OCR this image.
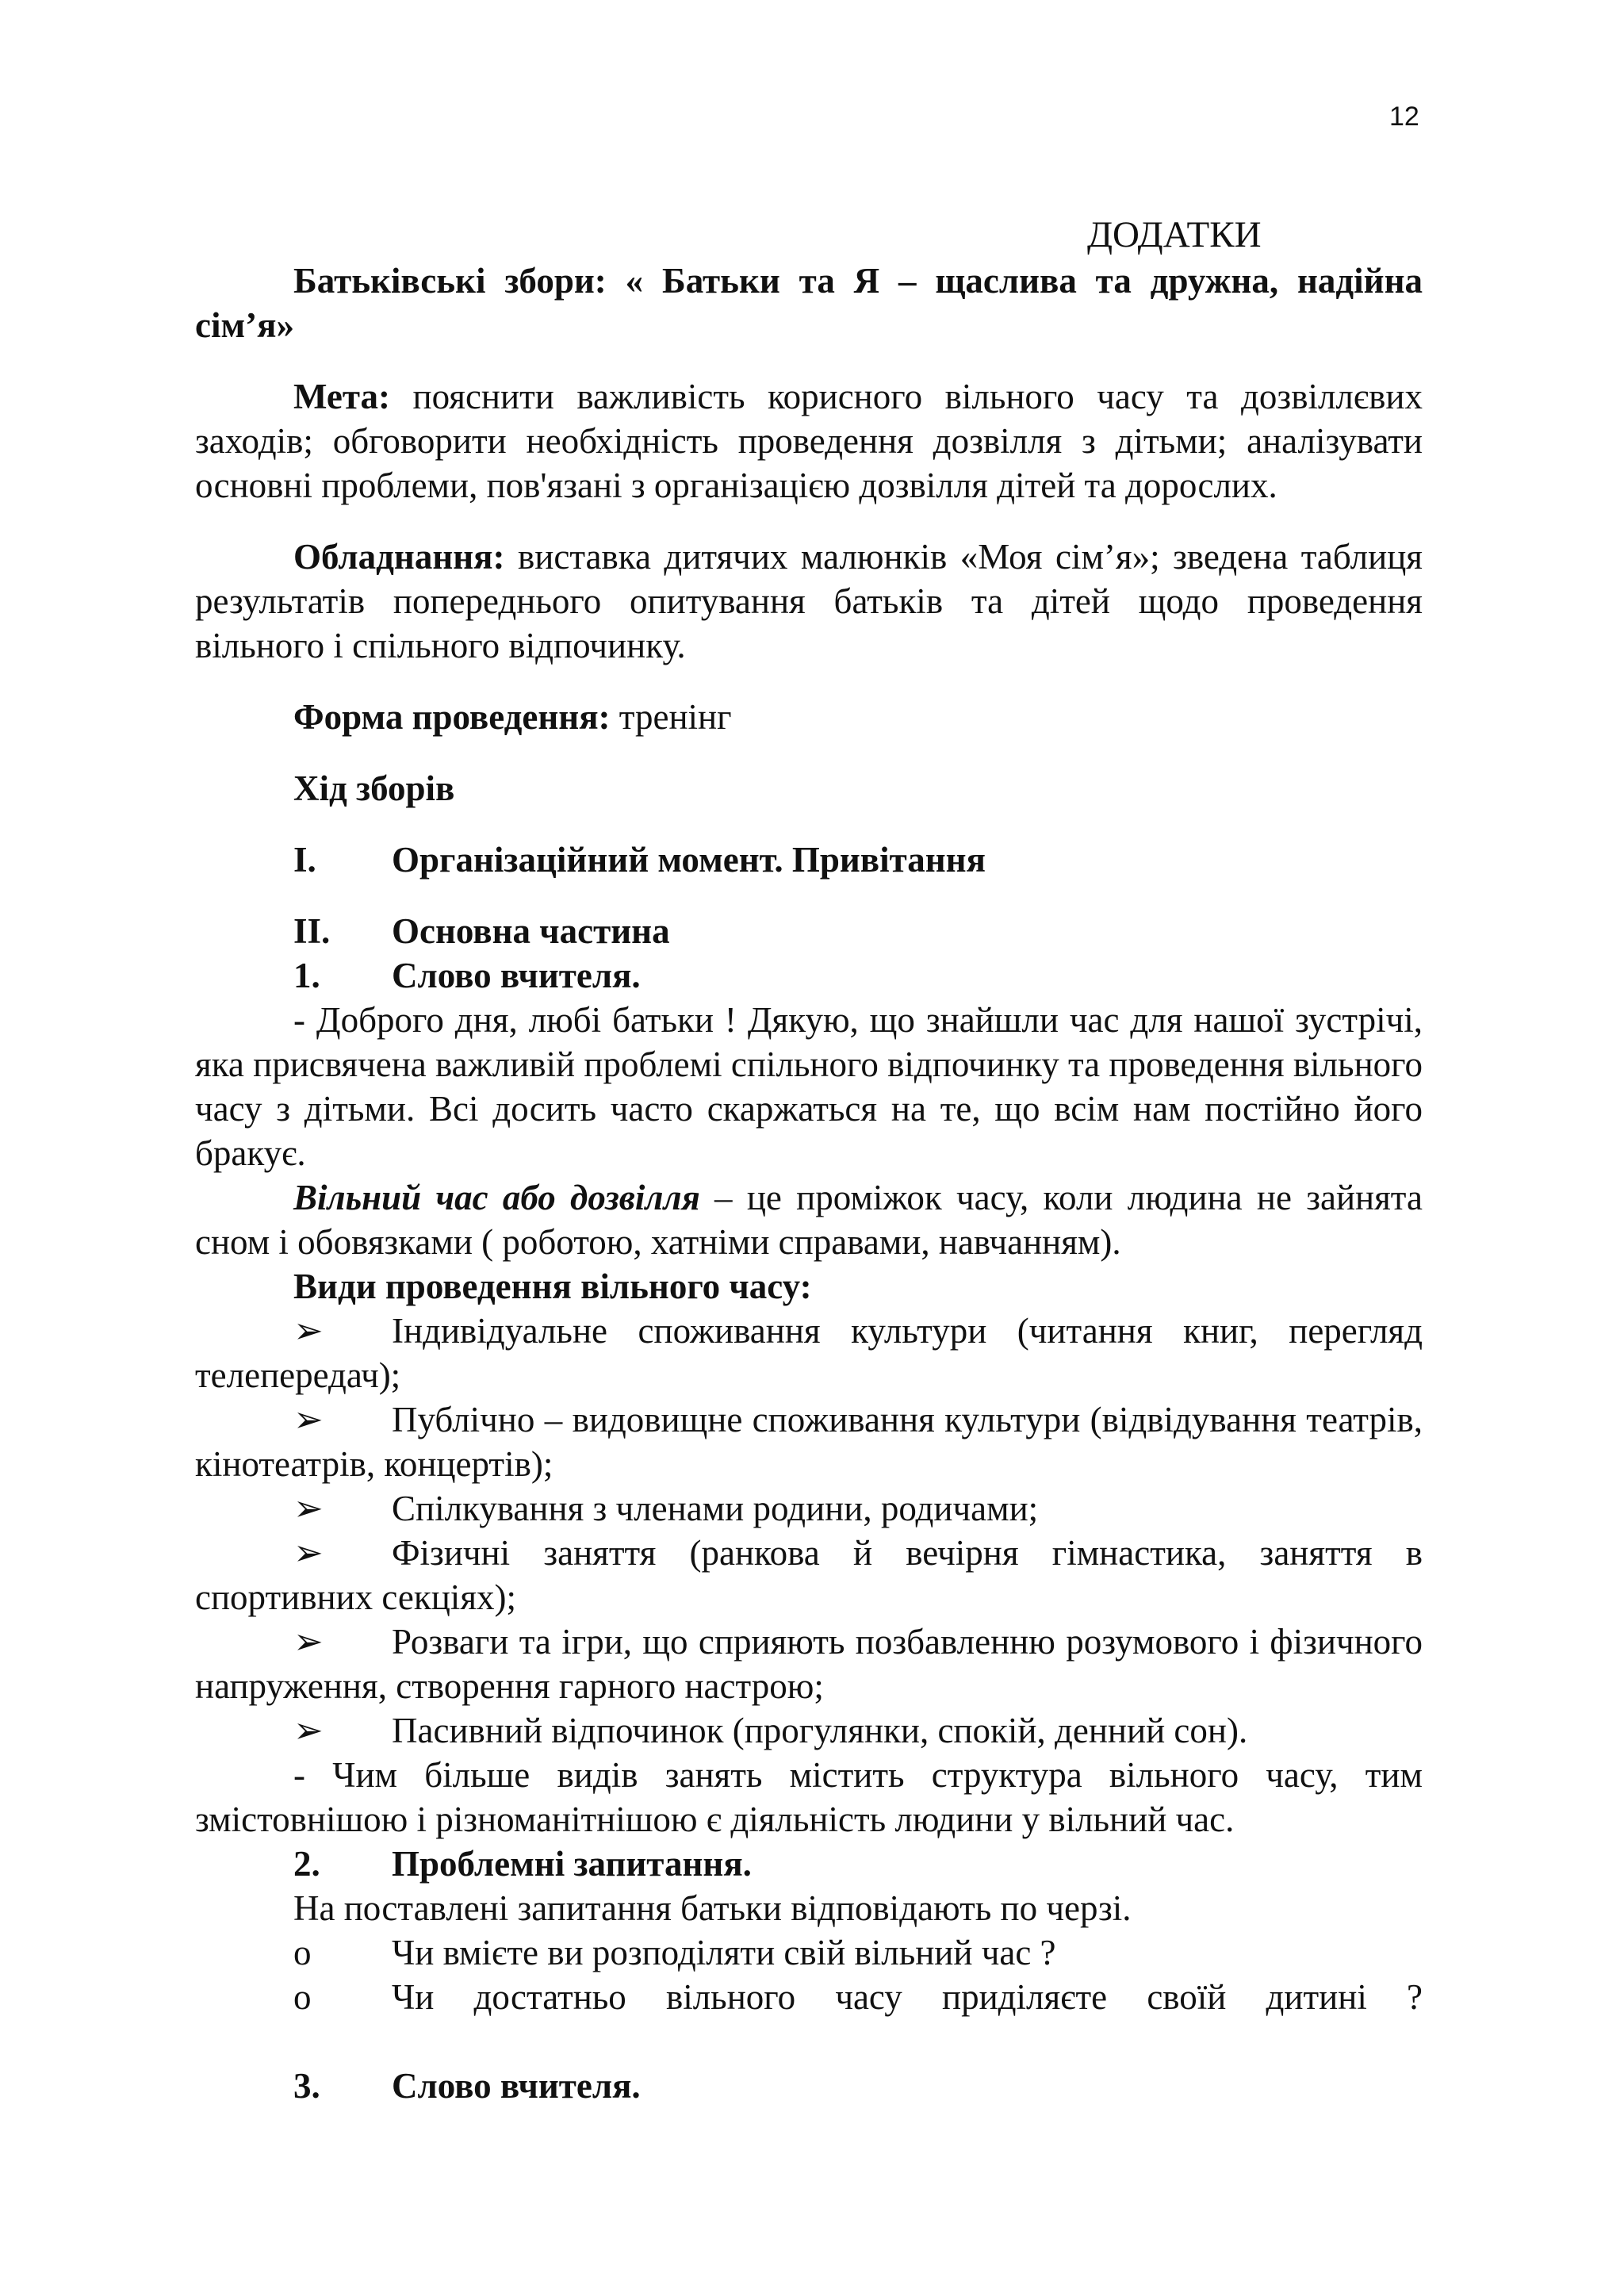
12
ДОДАТКИ
Батьківські збори: « Батьки та Я – щаслива та дружна, надійна сім’я»

Мета: пояснити важливість корисного вільного часу та дозвіллєвих заходів; обговорити необхідність проведення дозвілля з дітьми; аналізувати основні проблеми, пов'язані з організацією дозвілля дітей та дорослих.

Обладнання: виставка дитячих малюнків «Моя сім’я»; зведена таблиця результатів попереднього опитування батьків та дітей щодо проведення вільного і спільного відпочинку.

Форма проведення: тренінг

Хід зборів

I.	Організаційний момент. Привітання
II.	Основна частина
1.	Слово вчителя.

- Доброго дня, любі батьки ! Дякую, що знайшли час для нашої зустрічі, яка присвячена важливій проблемі спільного відпочинку та проведення вільного часу з дітьми. Всі досить часто скаржаться на те, що всім нам постійно його бракує.

Вільний час або дозвілля – це проміжок часу, коли людина не зайнята сном і обовязками ( роботою, хатніми справами, навчанням).

Види проведення вільного часу:

➢ Індивідуальне споживання культури (читання книг, перегляд телепередач);
➢ Публічно – видовищне споживання культури (відвідування театрів, кінотеатрів, концертів);
➢ Спілкування з членами родини, родичами;
➢ Фізичні заняття (ранкова й вечірня гімнастика, заняття в спортивних секціях);
➢ Розваги та ігри, що сприяють позбавленню розумового і фізичного напруження, створення гарного настрою;
➢ Пасивний відпочинок (прогулянки, спокій, денний сон).

- Чим більше видів занять містить структура вільного часу, тим змістовнішою і різноманітнішою є діяльність людини у вільний час.

2.	Проблемні запитання.
На поставлені запитання батьки відповідають по черзі.
o	Чи вмієте ви розподіляти свій вільний час ?
o	Чи достатньо вільного часу приділяєте своїй дитині ?
3.	Слово вчителя.
